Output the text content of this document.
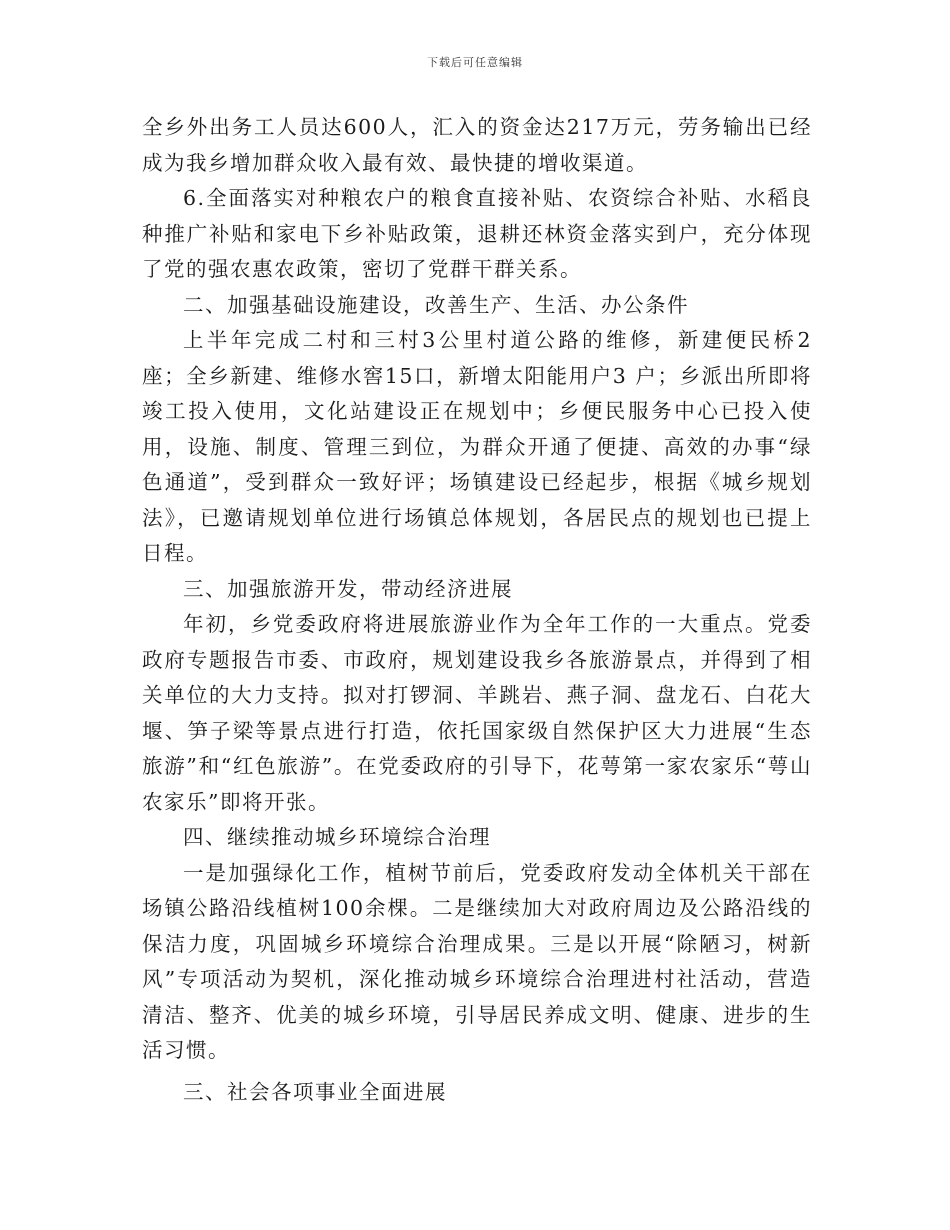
下载后可任意编辑

全乡外出务工人员达600人，汇入的资金达217万元，劳务输出已经成为我乡增加群众收入最有效、最快捷的增收渠道。

6.全面落实对种粮农户的粮食直接补贴、农资综合补贴、水稻良种推广补贴和家电下乡补贴政策，退耕还林资金落实到户，充分体现了党的强农惠农政策，密切了党群干群关系。

二、加强基础设施建设，改善生产、生活、办公条件

上半年完成二村和三村3公里村道公路的维修，新建便民桥2 座；全乡新建、维修水窖15口，新增太阳能用户3 户；乡派出所即将竣工投入使用，文化站建设正在规划中；乡便民服务中心已投入使用，设施、制度、管理三到位，为群众开通了便捷、高效的办事“绿色通道”，受到群众一致好评；场镇建设已经起步，根据《城乡规划法》，已邀请规划单位进行场镇总体规划，各居民点的规划也已提上日程。

三、加强旅游开发，带动经济进展

年初，乡党委政府将进展旅游业作为全年工作的一大重点。党委政府专题报告市委、市政府，规划建设我乡各旅游景点，并得到了相关单位的大力支持。拟对打锣洞、羊跳岩、燕子洞、盘龙石、白花大堰、笋子梁等景点进行打造，依托国家级自然保护区大力进展“生态旅游”和“红色旅游”。在党委政府的引导下，花萼第一家农家乐“萼山农家乐”即将开张。

四、继续推动城乡环境综合治理

一是加强绿化工作，植树节前后，党委政府发动全体机关干部在场镇公路沿线植树100余棵。二是继续加大对政府周边及公路沿线的保洁力度，巩固城乡环境综合治理成果。三是以开展“除陋习，树新风”专项活动为契机，深化推动城乡环境综合治理进村社活动，营造清洁、整齐、优美的城乡环境，引导居民养成文明、健康、进步的生活习惯。

三、社会各项事业全面进展
